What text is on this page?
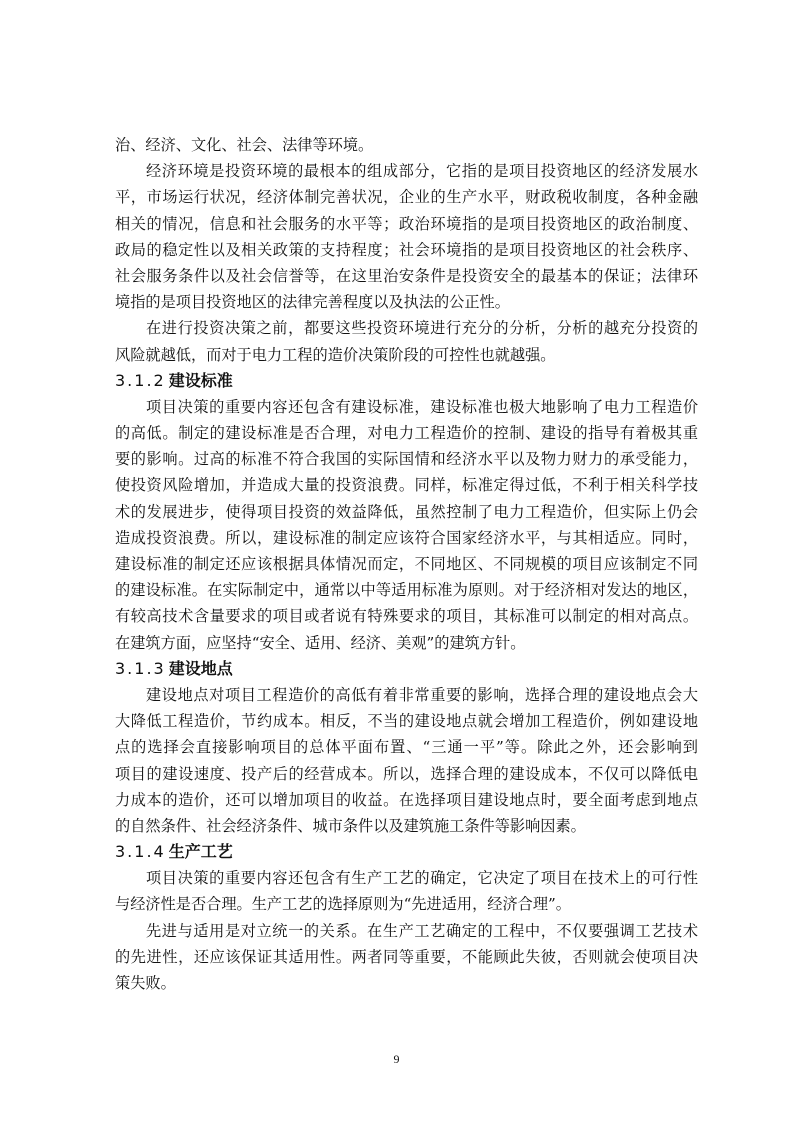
治、经济、文化、社会、法律等环境。
经济环境是投资环境的最根本的组成部分，它指的是项目投资地区的经济发展水
平，市场运行状况，经济体制完善状况，企业的生产水平，财政税收制度，各种金融
相关的情况，信息和社会服务的水平等；政治环境指的是项目投资地区的政治制度、
政局的稳定性以及相关政策的支持程度；社会环境指的是项目投资地区的社会秩序、
社会服务条件以及社会信誉等，在这里治安条件是投资安全的最基本的保证；法律环
境指的是项目投资地区的法律完善程度以及执法的公正性。
在进行投资决策之前，都要这些投资环境进行充分的分析，分析的越充分投资的
风险就越低，而对于电力工程的造价决策阶段的可控性也就越强。
3.1.2 建设标准
项目决策的重要内容还包含有建设标准，建设标准也极大地影响了电力工程造价
的高低。制定的建设标准是否合理，对电力工程造价的控制、建设的指导有着极其重
要的影响。过高的标准不符合我国的实际国情和经济水平以及物力财力的承受能力，
使投资风险增加，并造成大量的投资浪费。同样，标准定得过低，不利于相关科学技
术的发展进步，使得项目投资的效益降低，虽然控制了电力工程造价，但实际上仍会
造成投资浪费。所以，建设标准的制定应该符合国家经济水平，与其相适应。同时，
建设标准的制定还应该根据具体情况而定，不同地区、不同规模的项目应该制定不同
的建设标准。在实际制定中，通常以中等适用标准为原则。对于经济相对发达的地区，
有较高技术含量要求的项目或者说有特殊要求的项目，其标准可以制定的相对高点。
在建筑方面，应坚持“安全、适用、经济、美观”的建筑方针。
3.1.3 建设地点
建设地点对项目工程造价的高低有着非常重要的影响，选择合理的建设地点会大
大降低工程造价，节约成本。相反，不当的建设地点就会增加工程造价，例如建设地
点的选择会直接影响项目的总体平面布置、“三通一平”等。除此之外，还会影响到
项目的建设速度、投产后的经营成本。所以，选择合理的建设成本，不仅可以降低电
力成本的造价，还可以增加项目的收益。在选择项目建设地点时，要全面考虑到地点
的自然条件、社会经济条件、城市条件以及建筑施工条件等影响因素。
3.1.4 生产工艺
项目决策的重要内容还包含有生产工艺的确定，它决定了项目在技术上的可行性
与经济性是否合理。生产工艺的选择原则为“先进适用，经济合理”。
先进与适用是对立统一的关系。在生产工艺确定的工程中，不仅要强调工艺技术
的先进性，还应该保证其适用性。两者同等重要，不能顾此失彼，否则就会使项目决
策失败。
9
